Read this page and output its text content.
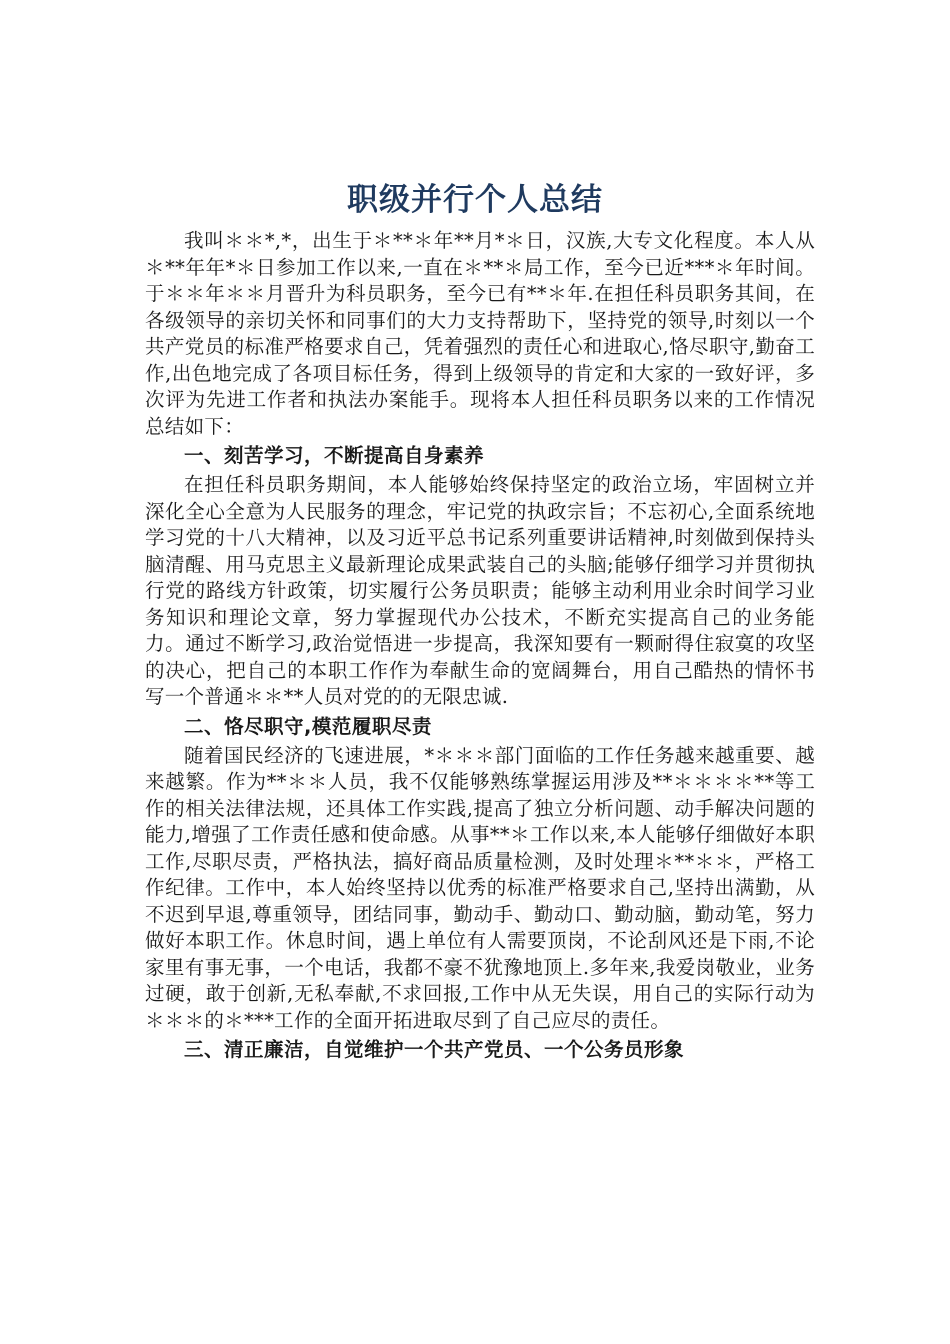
职级并行个人总结

我叫＊＊*,*，出生于＊**＊年**月*＊日，汉族,大专文化程度。本人从＊**年年*＊日参加工作以来,一直在＊**＊局工作，至今已近***＊年时间。于＊＊年＊＊月晋升为科员职务，至今已有**＊年.在担任科员职务其间，在各级领导的亲切关怀和同事们的大力支持帮助下，坚持党的领导,时刻以一个共产党员的标准严格要求自己，凭着强烈的责任心和进取心,恪尽职守,勤奋工作,出色地完成了各项目标任务，得到上级领导的肯定和大家的一致好评，多次评为先进工作者和执法办案能手。现将本人担任科员职务以来的工作情况总结如下：

一、刻苦学习，不断提高自身素养

在担任科员职务期间，本人能够始终保持坚定的政治立场，牢固树立并深化全心全意为人民服务的理念，牢记党的执政宗旨；不忘初心,全面系统地学习党的十八大精神，以及习近平总书记系列重要讲话精神,时刻做到保持头脑清醒、用马克思主义最新理论成果武装自己的头脑;能够仔细学习并贯彻执行党的路线方针政策，切实履行公务员职责；能够主动利用业余时间学习业务知识和理论文章，努力掌握现代办公技术，不断充实提高自己的业务能力。通过不断学习,政治觉悟进一步提高，我深知要有一颗耐得住寂寞的攻坚的决心，把自己的本职工作作为奉献生命的宽阔舞台，用自己酷热的情怀书写一个普通＊＊**人员对党的的无限忠诚.

二、恪尽职守,模范履职尽责

随着国民经济的飞速进展，*＊＊＊部门面临的工作任务越来越重要、越来越繁。作为**＊＊人员，我不仅能够熟练掌握运用涉及**＊＊＊＊**等工作的相关法律法规，还具体工作实践,提高了独立分析问题、动手解决问题的能力,增强了工作责任感和使命感。从事**＊工作以来,本人能够仔细做好本职工作,尽职尽责，严格执法，搞好商品质量检测，及时处理＊**＊＊，严格工作纪律。工作中，本人始终坚持以优秀的标准严格要求自己,坚持出满勤，从不迟到早退,尊重领导，团结同事，勤动手、勤动口、勤动脑，勤动笔，努力做好本职工作。休息时间，遇上单位有人需要顶岗，不论刮风还是下雨,不论家里有事无事，一个电话，我都不豪不犹豫地顶上.多年来,我爱岗敬业，业务过硬，敢于创新,无私奉献,不求回报,工作中从无失误，用自己的实际行动为＊＊＊的＊***工作的全面开拓进取尽到了自己应尽的责任。

三、清正廉洁，自觉维护一个共产党员、一个公务员形象
